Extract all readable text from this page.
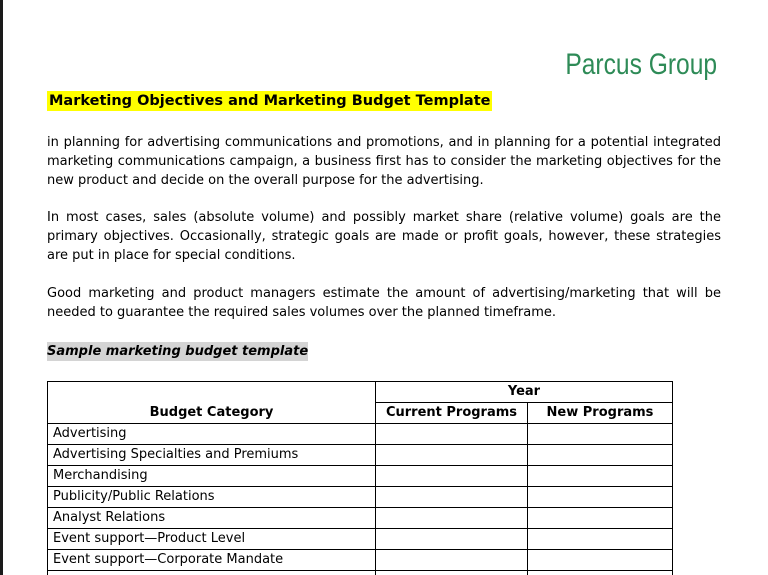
Parcus Group
Marketing Objectives and Marketing Budget Template

in planning for advertising communications and promotions, and in planning for a potential integrated marketing communications campaign, a business first has to consider the marketing objectives for the new product and decide on the overall purpose for the advertising.

In most cases, sales (absolute volume) and possibly market share (relative volume) goals are the primary objectives. Occasionally, strategic goals are made or profit goals, however, these strategies are put in place for special conditions.

Good marketing and product managers estimate the amount of advertising/marketing that will be needed to guarantee the required sales volumes over the planned timeframe.

Sample marketing budget template
Budget Category	Year	
	Current Programs	New Programs
Advertising		
Advertising Specialties and Premiums		
Merchandising		
Publicity/Public Relations		
Analyst Relations		
Event support—Product Level		
Event support—Corporate Mandate		
